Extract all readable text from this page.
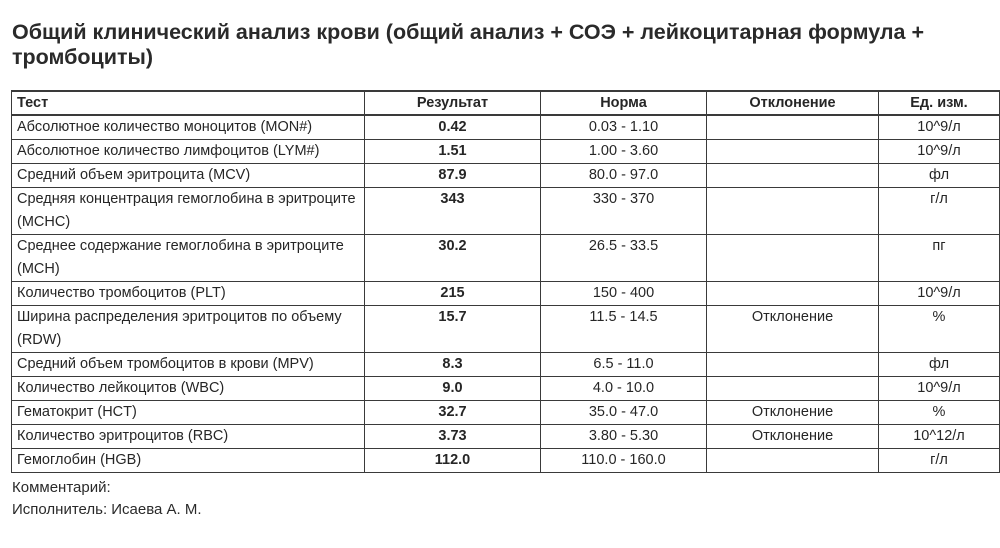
Общий клинический анализ крови (общий анализ + СОЭ + лейкоцитарная формула + тромбоциты)
Тест	Результат	Норма	Отклонение	Ед. изм.
Абсолютное количество моноцитов (MON#)	0.42	0.03 - 1.10		10^9/л
Абсолютное количество лимфоцитов (LYM#)	1.51	1.00 - 3.60		10^9/л
Средний объем эритроцита (MCV)	87.9	80.0 - 97.0		фл
Средняя концентрация гемоглобина в эритроците (MCHC)	343	330 - 370		г/л
Среднее содержание гемоглобина в эритроците (MCH)	30.2	26.5 - 33.5		пг
Количество тромбоцитов (PLT)	215	150 - 400		10^9/л
Ширина распределения эритроцитов по объему (RDW)	15.7	11.5 - 14.5	Отклонение	%
Средний объем тромбоцитов в крови (MPV)	8.3	6.5 - 11.0		фл
Количество лейкоцитов (WBC)	9.0	4.0 - 10.0		10^9/л
Гематокрит (HCT)	32.7	35.0 - 47.0	Отклонение	%
Количество эритроцитов (RBC)	3.73	3.80 - 5.30	Отклонение	10^12/л
Гемоглобин (HGB)	112.0	110.0 - 160.0		г/л
Комментарий:
Исполнитель: Исаева А. М.
